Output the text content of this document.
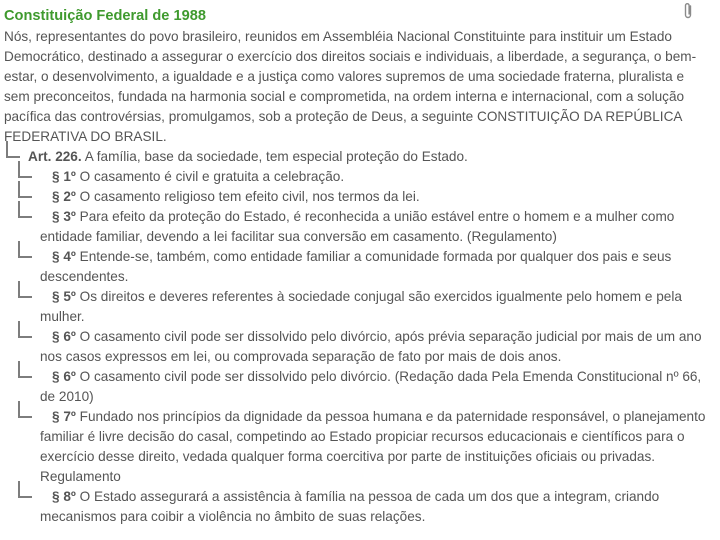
Constituição Federal de 1988
Nós, representantes do povo brasileiro, reunidos em Assembléia Nacional Constituinte para instituir um Estado Democrático, destinado a assegurar o exercício dos direitos sociais e individuais, a liberdade, a segurança, o bem-estar, o desenvolvimento, a igualdade e a justiça como valores supremos de uma sociedade fraterna, pluralista e sem preconceitos, fundada na harmonia social e comprometida, na ordem interna e internacional, com a solução pacífica das controvérsias, promulgamos, sob a proteção de Deus, a seguinte CONSTITUIÇÃO DA REPÚBLICA FEDERATIVA DO BRASIL.
Art. 226. A família, base da sociedade, tem especial proteção do Estado.
§ 1º O casamento é civil e gratuita a celebração.
§ 2º O casamento religioso tem efeito civil, nos termos da lei.
§ 3º Para efeito da proteção do Estado, é reconhecida a união estável entre o homem e a mulher como entidade familiar, devendo a lei facilitar sua conversão em casamento. (Regulamento)
§ 4º Entende-se, também, como entidade familiar a comunidade formada por qualquer dos pais e seus descendentes.
§ 5º Os direitos e deveres referentes à sociedade conjugal são exercidos igualmente pelo homem e pela mulher.
§ 6º O casamento civil pode ser dissolvido pelo divórcio, após prévia separação judicial por mais de um ano nos casos expressos em lei, ou comprovada separação de fato por mais de dois anos.
§ 6º O casamento civil pode ser dissolvido pelo divórcio. (Redação dada Pela Emenda Constitucional nº 66, de 2010)
§ 7º Fundado nos princípios da dignidade da pessoa humana e da paternidade responsável, o planejamento familiar é livre decisão do casal, competindo ao Estado propiciar recursos educacionais e científicos para o exercício desse direito, vedada qualquer forma coercitiva por parte de instituições oficiais ou privadas. Regulamento
§ 8º O Estado assegurará a assistência à família na pessoa de cada um dos que a integram, criando mecanismos para coibir a violência no âmbito de suas relações.
